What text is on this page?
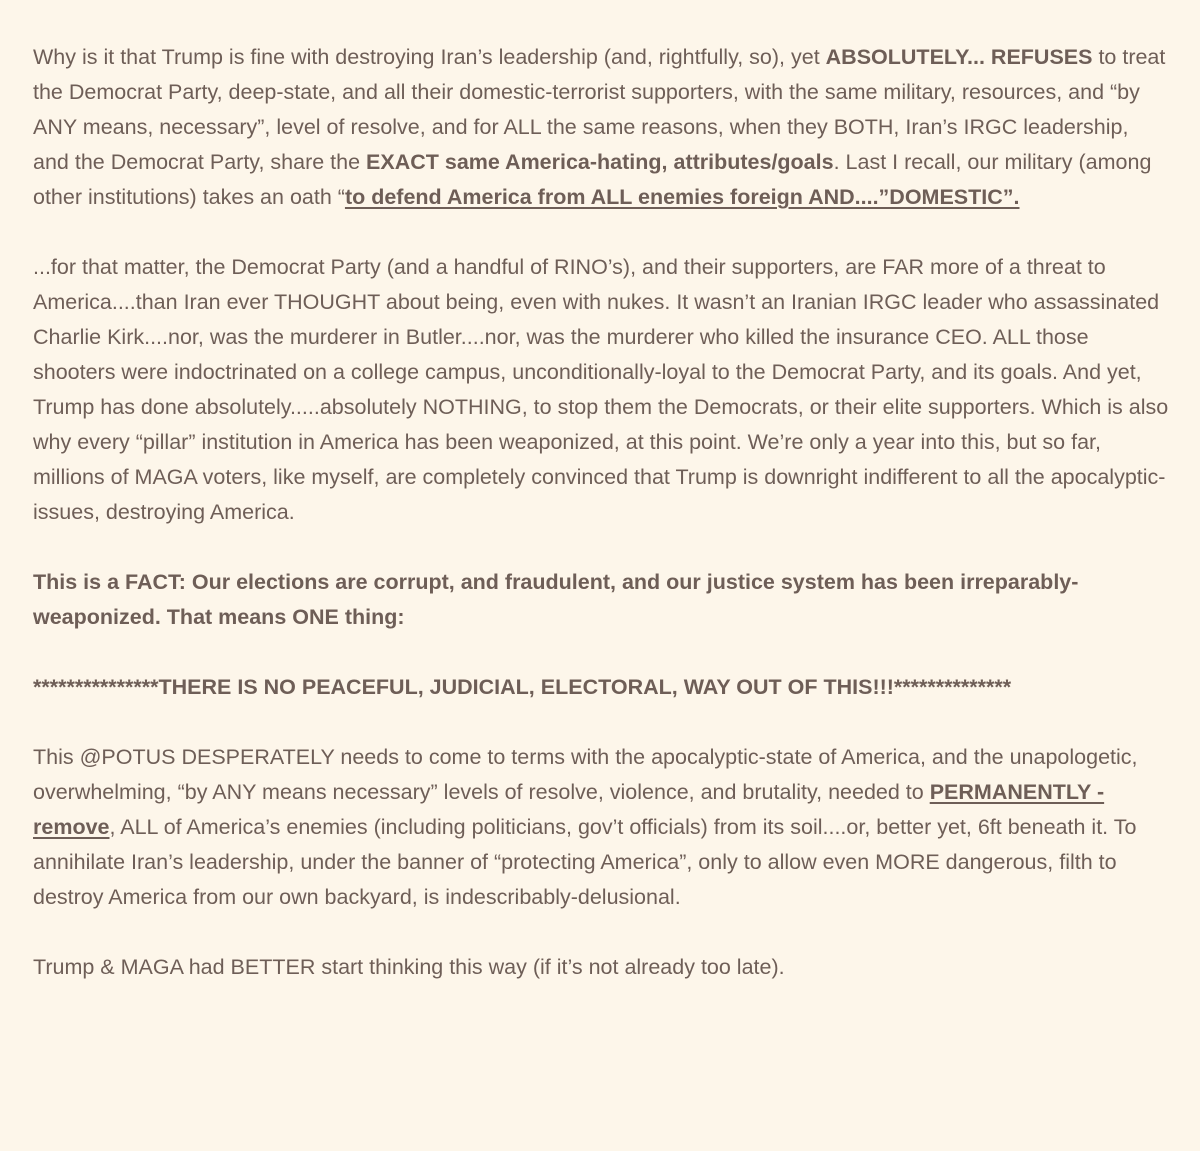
Why is it that Trump is fine with destroying Iran’s leadership (and, rightfully, so), yet ABSOLUTELY... REFUSES to treat the Democrat Party, deep-state, and all their domestic-terrorist supporters, with the same military, resources, and “by ANY means, necessary”, level of resolve, and for ALL the same reasons, when they BOTH, Iran’s IRGC leadership, and the Democrat Party, share the EXACT same America-hating, attributes/goals. Last I recall, our military (among other institutions) takes an oath “to defend America from ALL enemies foreign AND....”DOMESTIC”.

...for that matter, the Democrat Party (and a handful of RINO’s), and their supporters, are FAR more of a threat to America....than Iran ever THOUGHT about being, even with nukes. It wasn’t an Iranian IRGC leader who assassinated Charlie Kirk....nor, was the murderer in Butler....nor, was the murderer who killed the insurance CEO. ALL those shooters were indoctrinated on a college campus, unconditionally-loyal to the Democrat Party, and its goals. And yet, Trump has done absolutely.....absolutely NOTHING, to stop them the Democrats, or their elite supporters. Which is also why every “pillar” institution in America has been weaponized, at this point. We’re only a year into this, but so far, millions of MAGA voters, like myself, are completely convinced that Trump is downright indifferent to all the apocalyptic-issues, destroying America.

This is a FACT: Our elections are corrupt, and fraudulent, and our justice system has been irreparably-weaponized. That means ONE thing:

***************THERE IS NO PEACEFUL, JUDICIAL, ELECTORAL, WAY OUT OF THIS!!!**************

This @POTUS DESPERATELY needs to come to terms with the apocalyptic-state of America, and the unapologetic, overwhelming, “by ANY means necessary” levels of resolve, violence, and brutality, needed to PERMANENTLY -remove, ALL of America’s enemies (including politicians, gov’t officials) from its soil....or, better yet, 6ft beneath it. To annihilate Iran’s leadership, under the banner of “protecting America”, only to allow even MORE dangerous, filth to destroy America from our own backyard, is indescribably-delusional.

Trump & MAGA had BETTER start thinking this way (if it’s not already too late).
